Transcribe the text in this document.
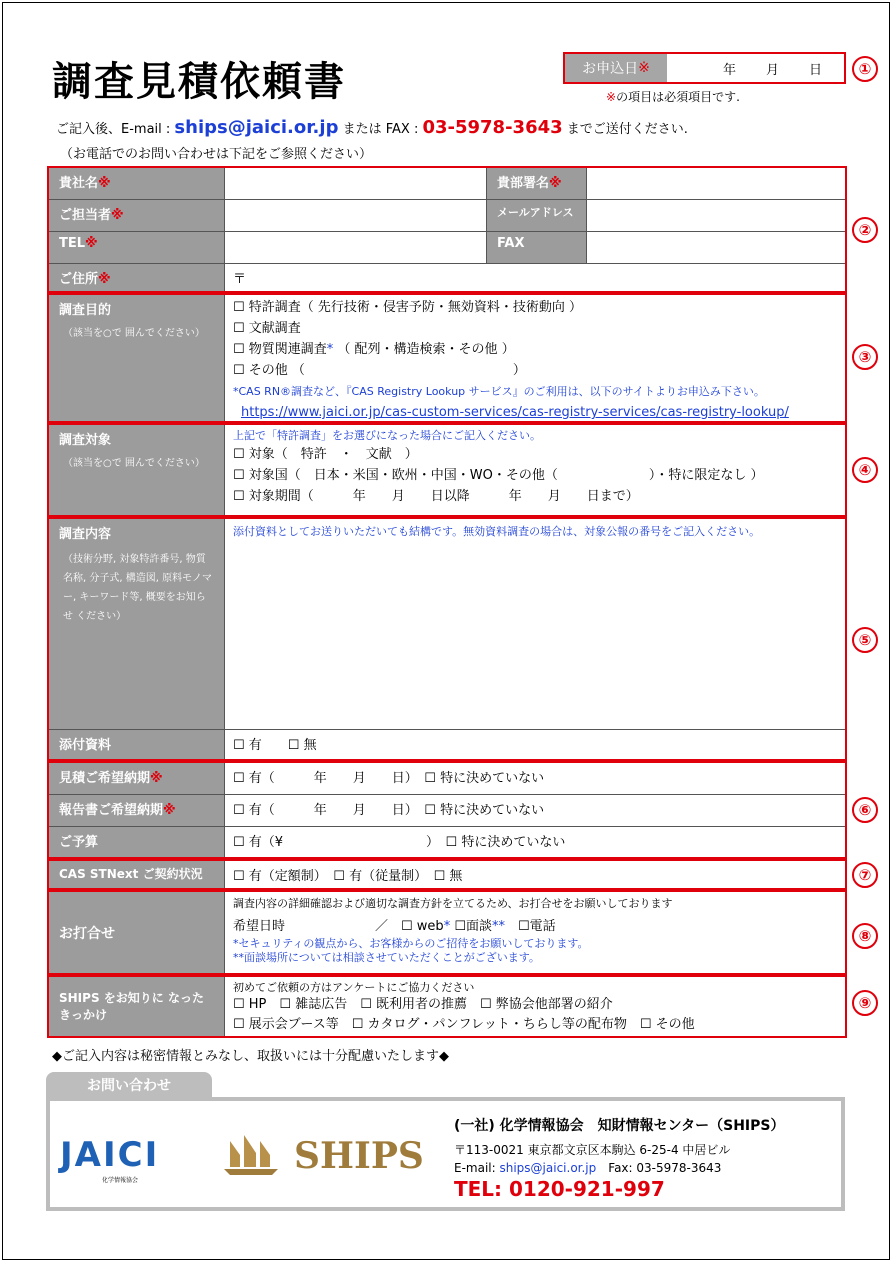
調査見積依頼書	お申込日 ※	年 月 日	①
※の項目は必須項目です.
ご記入後、E-mail : ships@jaici.or.jp または FAX : 03-5978-3643 までご送付ください.
（お電話でのお問い合わせは下記をご参照ください）
貴社名※	貴部署名※
ご担当者※	メールアドレス
TEL※	FAX
ご住所※	〒
②
調査目的
（該当を○で 囲んでください）
☐ 特許調査（ 先行技術・侵害予防・無効資料・技術動向 ）
☐ 文献調査
☐ 物質関連調査* （ 配列・構造検索・その他 ）
☐ その他 （　　　　　　　　　　　　　　　　）
*CAS RN®調査など、『CAS Registry Lookup サービス』のご利用は、以下のサイトよりお申込み下さい。
https://www.jaici.or.jp/cas-custom-services/cas-registry-services/cas-registry-lookup/
③
調査対象
（該当を○で 囲んでください）
上記で「特許調査」をお選びになった場合にご記入ください。
☐ 対象（　特許　・　文献　）
☐ 対象国（　日本・米国・欧州・中国・WO・その他（　　　　　　　）・特に限定なし ）
☐ 対象期間（　　　年　　月　　日以降　　　年　　月　　日まで）
④
調査内容
（技術分野, 対象特許番号, 物質名称, 分子式, 構造図, 原料モノマー, キーワード等, 概要をお知らせ ください）
添付資料としてお送りいただいても結構です。無効資料調査の場合は、対象公報の番号をご記入ください。
添付資料	☐ 有　　☐ 無
⑤
見積ご希望納期※	☐ 有（　　　年　　月　　日）　☐ 特に決めていない
報告書ご希望納期※	☐ 有（　　　年　　月　　日）　☐ 特に決めていない
ご予算	☐ 有（¥　　　　　　　　　　　）　☐ 特に決めていない
⑥
CAS STNext ご契約状況	☐ 有（定額制）　☐ 有（従量制）　☐ 無	⑦
お打合せ
調査内容の詳細確認および適切な調査方針を立てるため、お打合せをお願いしております
希望日時	／　☐ web* ☐面談**　☐電話
*セキュリティの観点から、お客様からのご招待をお願いしております。
**面談場所については相談させていただくことがございます。
⑧
SHIPS をお知りに なったきっかけ
初めてご依頼の方はアンケートにご協力ください
☐ HP　☐ 雑誌広告　☐ 既利用者の推薦　☐ 弊協会他部署の紹介
☐ 展示会ブース等　☐ カタログ・パンフレット・ちらし等の配布物　☐ その他
⑨
◆ご記入内容は秘密情報とみなし、取扱いには十分配慮いたします◆
お問い合わせ
JAICI
化学情報協会
SHIPS
(一社) 化学情報協会　知財情報センター（SHIPS）
〒113-0021 東京都文京区本駒込 6-25-4 中居ビル
E-mail: ships@jaici.or.jp　Fax: 03-5978-3643
TEL: 0120-921-997
